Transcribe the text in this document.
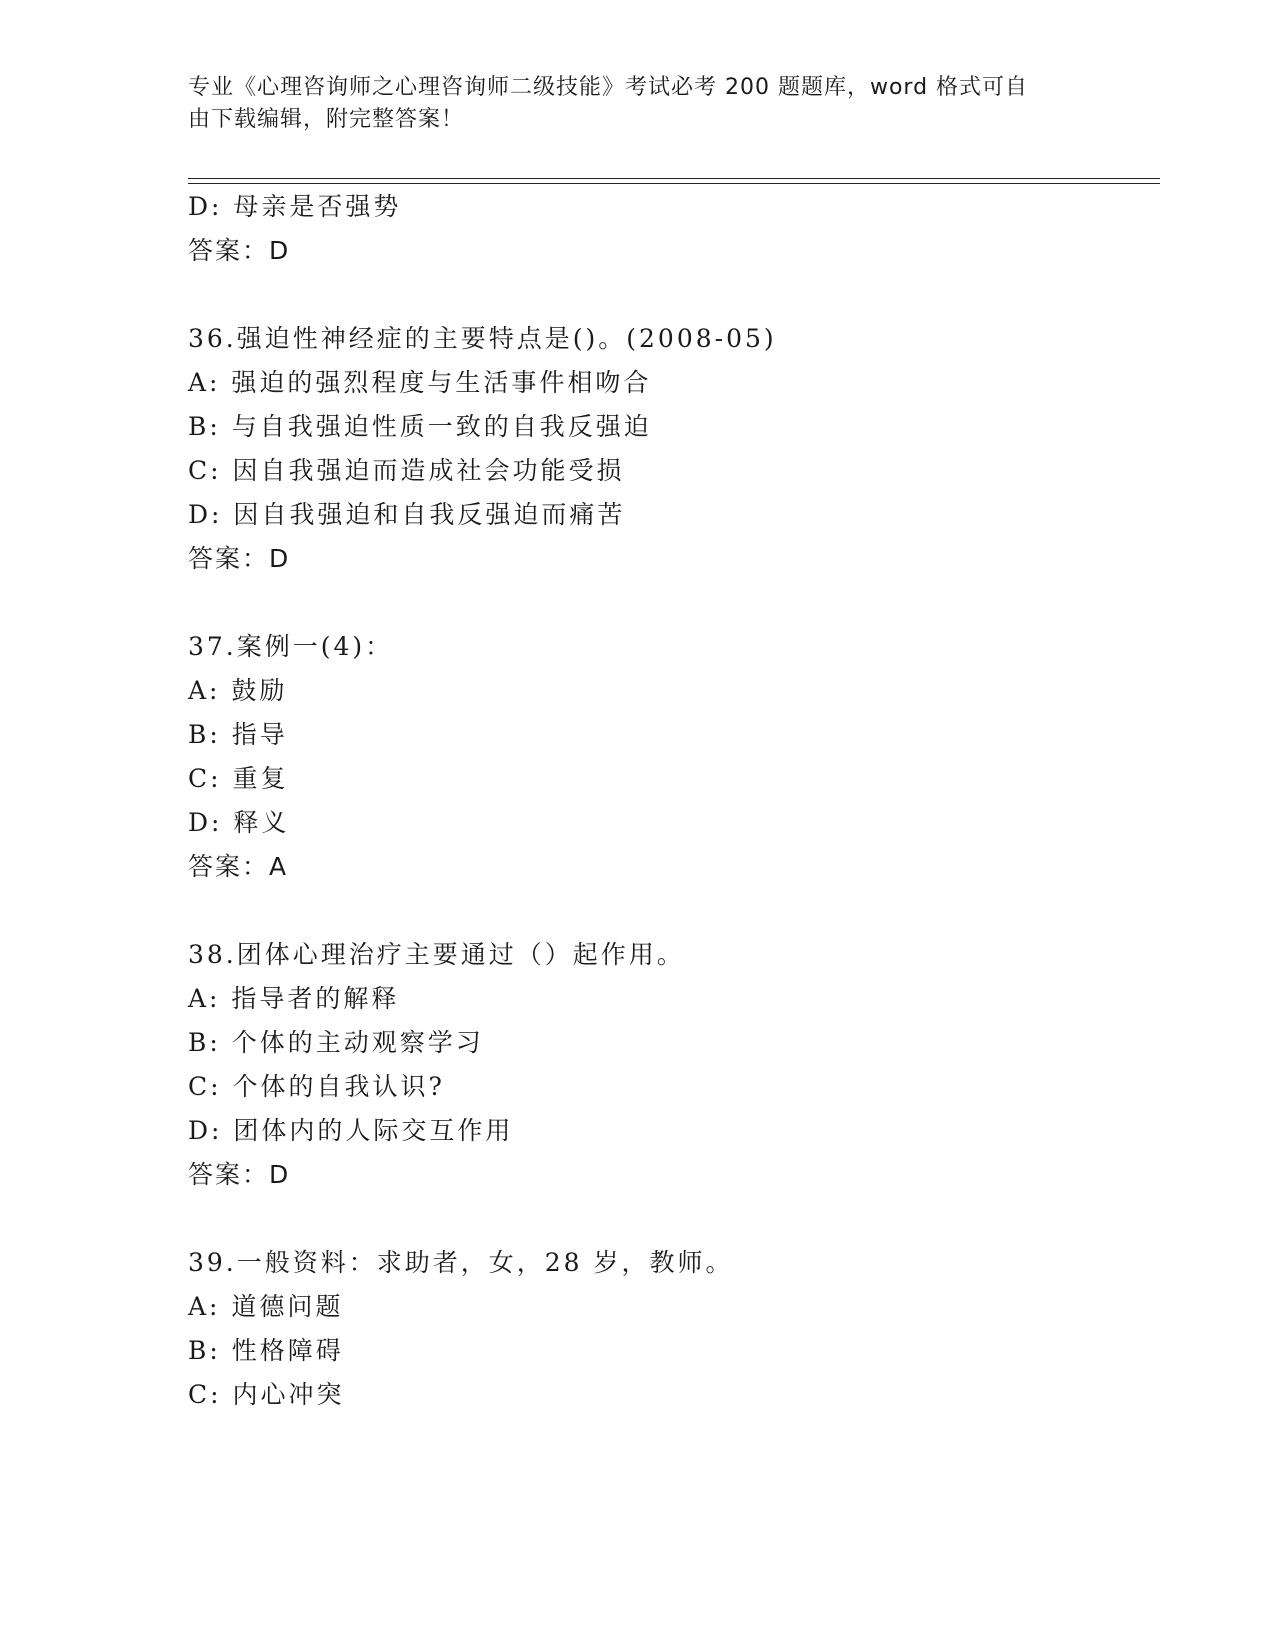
专业《心理咨询师之心理咨询师二级技能》考试必考 200 题题库，word 格式可自
由下载编辑，附完整答案！
D: 母亲是否强势
答案：D
36.强迫性神经症的主要特点是()。(2008-05)
A: 强迫的强烈程度与生活事件相吻合
B: 与自我强迫性质一致的自我反强迫
C: 因自我强迫而造成社会功能受损
D: 因自我强迫和自我反强迫而痛苦
答案：D
37.案例一(4)：
A: 鼓励
B: 指导
C: 重复
D: 释义
答案：A
38.团体心理治疗主要通过（）起作用。
A: 指导者的解释
B: 个体的主动观察学习
C: 个体的自我认识?
D: 团体内的人际交互作用
答案：D
39.一般资料：求助者，女，28 岁，教师。
A: 道德问题
B: 性格障碍
C: 内心冲突
